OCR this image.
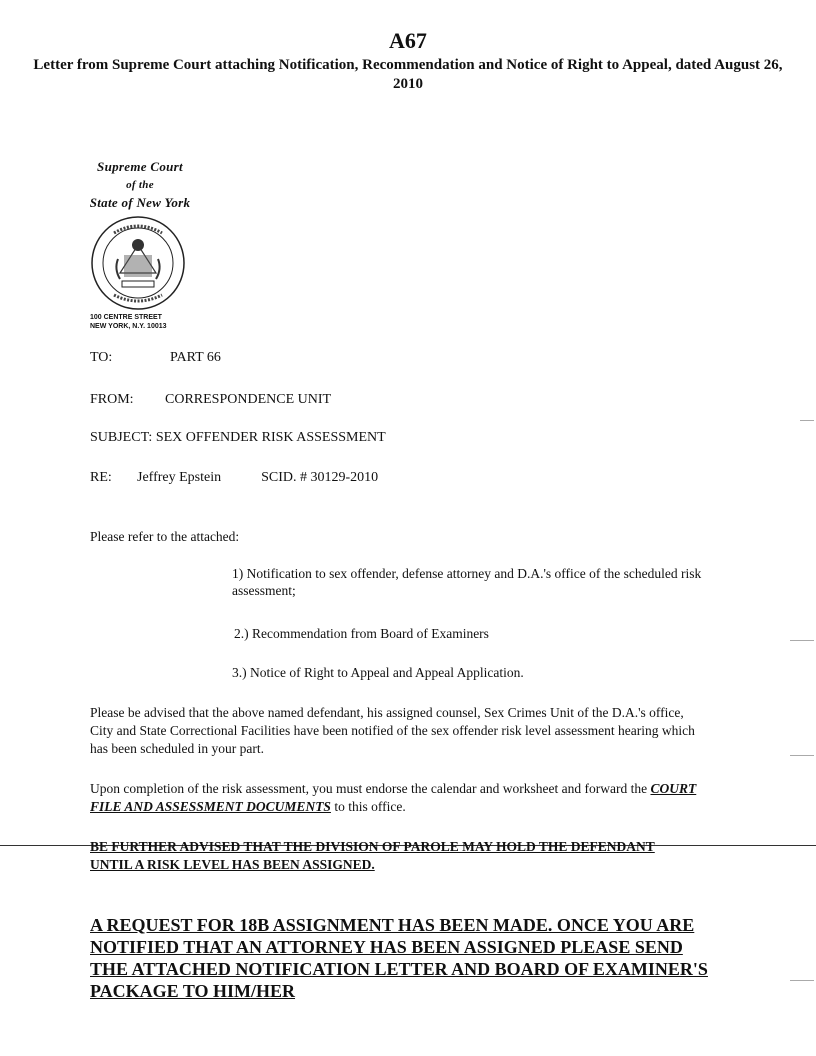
A67
Letter from Supreme Court attaching Notification, Recommendation and Notice of Right to Appeal, dated August 26, 2010
Supreme Court
of the
State of New York
100 CENTRE STREET
NEW YORK, N.Y. 10013
TO:	PART 66
FROM: CORRESPONDENCE UNIT
SUBJECT: SEX OFFENDER RISK ASSESSMENT
RE: Jeffrey Epstein	SCID. # 30129-2010
Please refer to the attached:
1) Notification to sex offender, defense attorney and D.A.'s office of the scheduled risk assessment;
2.) Recommendation from Board of Examiners
3.) Notice of Right to Appeal and Appeal Application.
Please be advised that the above named defendant, his assigned counsel, Sex Crimes Unit of the D.A.'s office, City and State Correctional Facilities have been notified of the sex offender risk level assessment hearing which has been scheduled in your part.
Upon completion of the risk assessment, you must endorse the calendar and worksheet and forward the COURT FILE AND ASSESSMENT DOCUMENTS to this office.
BE FURTHER ADVISED THAT THE DIVISION OF PAROLE MAY HOLD THE DEFENDANT UNTIL A RISK LEVEL HAS BEEN ASSIGNED.
A REQUEST FOR 18B ASSIGNMENT HAS BEEN MADE. ONCE YOU ARE NOTIFIED THAT AN ATTORNEY HAS BEEN ASSIGNED PLEASE SEND THE ATTACHED NOTIFICATION LETTER AND BOARD OF EXAMINER'S PACKAGE TO HIM/HER
